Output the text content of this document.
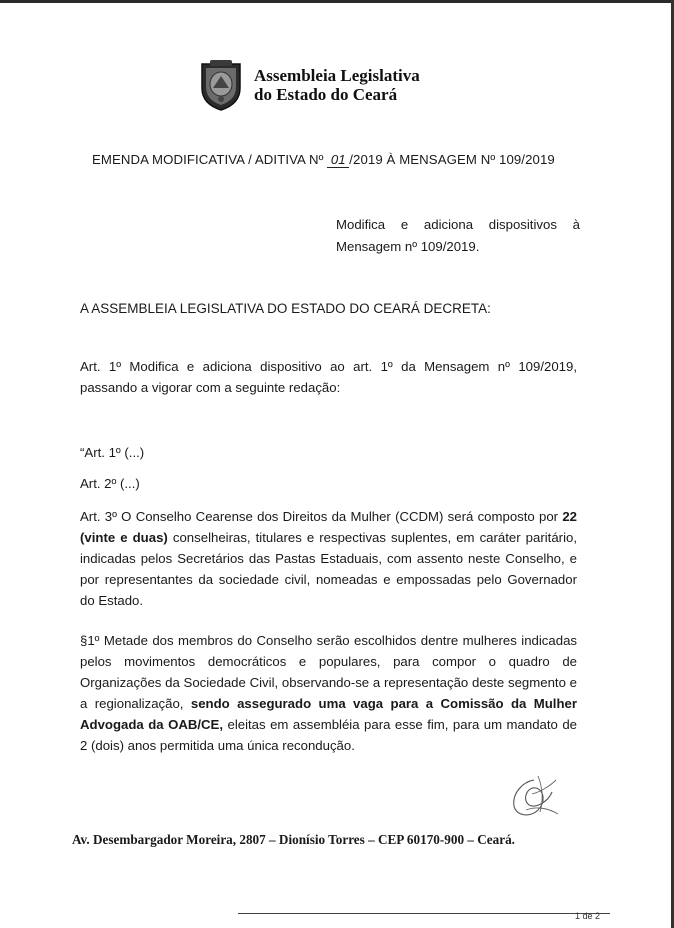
Assembleia Legislativa
do Estado do Ceará
EMENDA MODIFICATIVA / ADITIVA Nº 01 /2019 À MENSAGEM Nº 109/2019
Modifica e adiciona dispositivos à Mensagem nº 109/2019.
A ASSEMBLEIA LEGISLATIVA DO ESTADO DO CEARÁ DECRETA:
Art. 1º Modifica e adiciona dispositivo ao art. 1º da Mensagem nº 109/2019, passando a vigorar com a seguinte redação:
“Art. 1º (...)
Art. 2º (...)
Art. 3º O Conselho Cearense dos Direitos da Mulher (CCDM) será composto por 22 (vinte e duas) conselheiras, titulares e respectivas suplentes, em caráter paritário, indicadas pelos Secretários das Pastas Estaduais, com assento neste Conselho, e por representantes da sociedade civil, nomeadas e empossadas pelo Governador do Estado.
§1º Metade dos membros do Conselho serão escolhidos dentre mulheres indicadas pelos movimentos democráticos e populares, para compor o quadro de Organizações da Sociedade Civil, observando-se a representação deste segmento e a regionalização, sendo assegurado uma vaga para a Comissão da Mulher Advogada da OAB/CE, eleitas em assembléia para esse fim, para um mandato de 2 (dois) anos permitida uma única recondução.
Av. Desembargador Moreira, 2807 – Dionísio Torres – CEP 60170-900 – Ceará.
1 de 2
